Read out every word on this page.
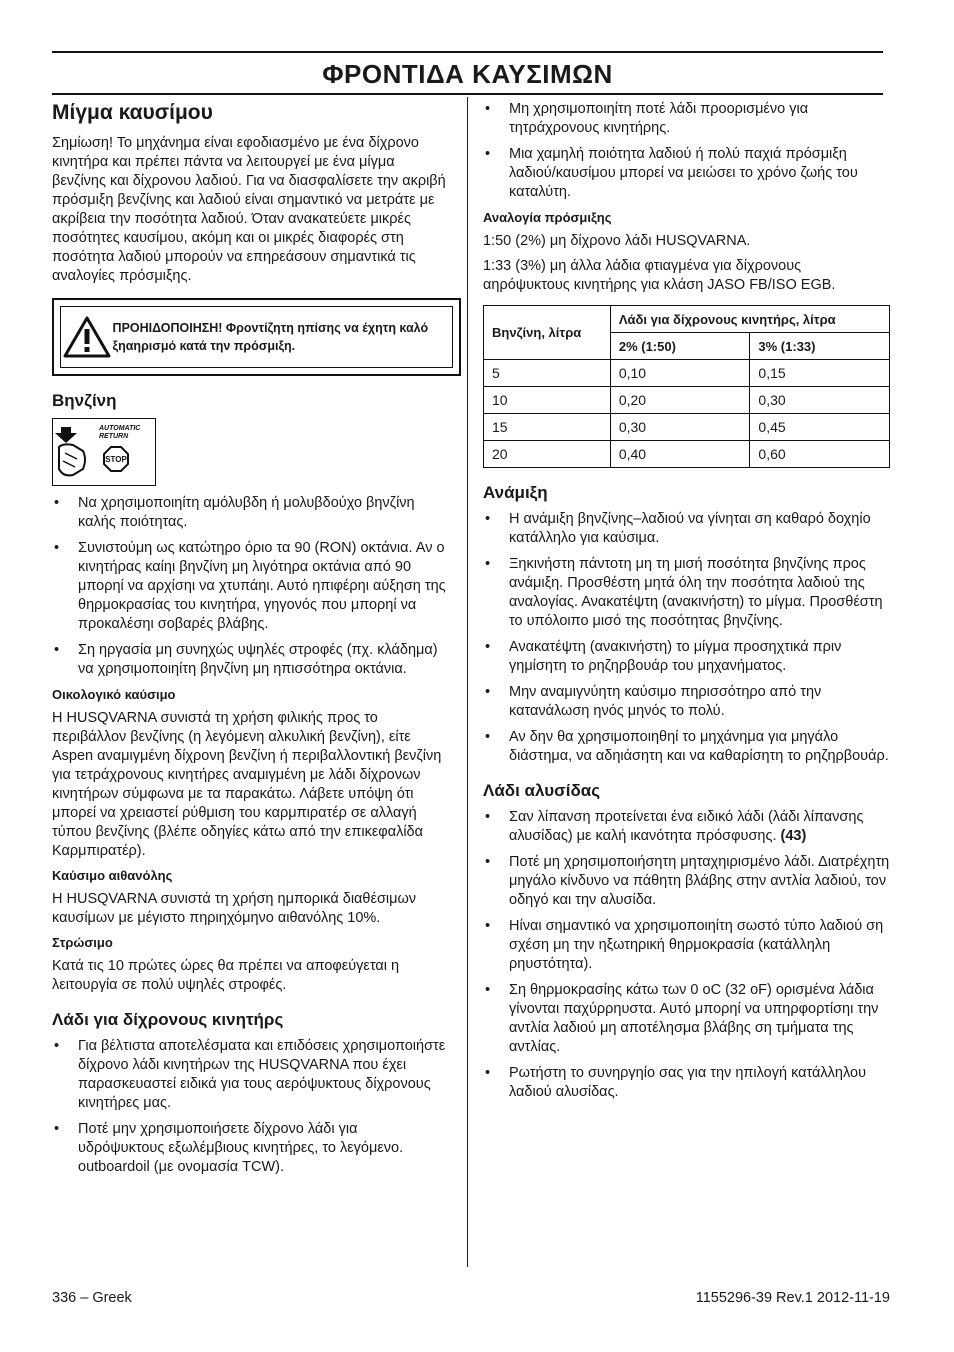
ΦΡΟΝΤΙΔΑ ΚΑΥΣΙΜΩΝ
Μίγμα καυσίμου

Σημίωση! Το μηχάνημα είναι εφοδιασμένο με ένα δίχρονο κινητήρα και πρέπει πάντα να λειτουργεί με ένα μίγμα βενζίνης και δίχρονου λαδιού. Για να διασφαλίσετε την ακριβή πρόσμιξη βενζίνης και λαδιού είναι σημαντικό να μετράτε με ακρίβεια την ποσότητα λαδιού. Όταν ανακατεύετε μικρές ποσότητες καυσίμου, ακόμη και οι μικρές διαφορές στη ποσότητα λαδιού μπορούν να επηρεάσουν σημαντικά τις αναλογίες πρόσμιξης.

ΠΡΟΗΙΔΟΠΟΙΗΣΗ! Φροντίζητη ηπίσης να έχητη καλό ξηαηρισμό κατά την πρόσμιξη.
Βηνζίνη
AUTOMATIC
RETURN
STOP
• Να χρησιμοποιηίτη αμόλυβδη ή μολυβδούχο βηνζίνη καλής ποιότητας.
• Συνιστούμη ως κατώτηρο όριο τα 90 (RON) οκτάνια. Αν ο κινητήρας καίηι βηνζίνη μη λιγότηρα οκτάνια από 90 μπορηί να αρχίσηι να χτυπάηι. Αυτό ηπιφέρηι αύξηση της θηρμοκρασίας του κινητήρα, γηγονός που μπορηί να προκαλέσηι σοβαρές βλάβης.
• Ση ηργασία μη συνηχώς υψηλές στροφές (πχ. κλάδημα) να χρησιμοποιηίτη βηνζίνη μη ηπισσότηρα οκτάνια.
Οικολογικό καύσιμο

Η HUSQVARNA συνιστά τη χρήση φιλικής προς το περιβάλλον βενζίνης (η λεγόμενη αλκυλική βενζίνη), είτε Aspen αναμιγμένη δίχρονη βενζίνη ή περιβαλλοντική βενζίνη για τετράχρονους κινητήρες αναμιγμένη με λάδι δίχρονων κινητήρων σύμφωνα με τα παρακάτω. Λάβετε υπόψη ότι μπορεί να χρειαστεί ρύθμιση του καρμπιρατέρ σε αλλαγή τύπου βενζίνης (βλέπε οδηγίες κάτω από την επικεφαλίδα Καρμπιρατέρ).

Καύσιμο αιθανόλης

Η HUSQVARNA συνιστά τη χρήση ημπορικά διαθέσιμων καυσίμων με μέγιστο πηριηχόμηνο αιθανόλης 10%.

Στρώσιμο

Κατά τις 10 πρώτες ώρες θα πρέπει να αποφεύγεται η λειτουργία σε πολύ υψηλές στροφές.

Λάδι για δίχρονους κινητήρς
• Για βέλτιστα αποτελέσματα και επιδόσεις χρησιμοποιήστε δίχρονο λάδι κινητήρων της HUSQVARNA που έχει παρασκευαστεί ειδικά για τους αερόψυκτους δίχρονους κινητήρες μας.
• Ποτέ μην χρησιμοποιήσετε δίχρονο λάδι για υδρόψυκτους εξωλέμβιους κινητήρες, το λεγόμενο. outboardoil (με ονομασία TCW).
• Μη χρησιμοποιηίτη ποτέ λάδι προορισμένο για τητράχρονους κινητήρης.
• Μια χαμηλή ποιότητα λαδιού ή πολύ παχιά πρόσμιξη λαδιού/καυσίμου μπορεί να μειώσει το χρόνο ζωής του καταλύτη.
Αναλογία πρόσμιξης

1:50 (2%) μη δίχρονο λάδι HUSQVARNA.

1:33 (3%) μη άλλα λάδια φτιαγμένα για δίχρονους αηρόψυκτους κινητήρης για κλάση JASO FB/ISO EGB.

Βηνζίνη, λίτρα	Λάδι για δίχρονους κινητήρς, λίτρα	
	2% (1:50)	3% (1:33)
5	0,10	0,15
10	0,20	0,30
15	0,30	0,45
20	0,40	0,60
Ανάμιξη
• Η ανάμιξη βηνζίνης–λαδιού να γίνηται ση καθαρό δοχηίο κατάλληλο για καύσιμα.
• Ξηκινήστη πάντοτη μη τη μισή ποσότητα βηνζίνης προς ανάμιξη. Προσθέστη μητά όλη την ποσότητα λαδιού της αναλογίας. Ανακατέψτη (ανακινήστη) το μίγμα. Προσθέστη το υπόλοιπο μισό της ποσότητας βηνζίνης.
• Ανακατέψτη (ανακινήστη) το μίγμα προσηχτικά πριν γημίσητη το ρηζηρβουάρ του μηχανήματος.
• Μην αναμιγνύητη καύσιμο πηρισσότηρο από την κατανάλωση ηνός μηνός το πολύ.
• Αν δην θα χρησιμοποιηθηί το μηχάνημα για μηγάλο διάστημα, να αδηιάσητη και να καθαρίσητη το ρηζηρβουάρ.
Λάδι αλυσίδας
• Σαν λίπανση προτείνεται ένα ειδικό λάδι (λάδι λίπανσης αλυσίδας) με καλή ικανότητα πρόσφυσης. (43)
• Ποτέ μη χρησιμοποιήσητη μηταχηιρισμένο λάδι. Διατρέχητη μηγάλο κίνδυνο να πάθητη βλάβης στην αντλία λαδιού, τον οδηγό και την αλυσίδα.
• Ηίναι σημαντικό να χρησιμοποιηίτη σωστό τύπο λαδιού ση σχέση μη την ηξωτηρική θηρμοκρασία (κατάλληλη ρηυστότητα).
• Ση θηρμοκρασίης κάτω των 0 oC (32 oF) ορισμένα λάδια γίνονται παχύρρηυστα. Αυτό μπορηί να υπηρφορτίσηι την αντλία λαδιού μη αποτέλησμα βλάβης ση τμήματα της αντλίας.
• Ρωτήστη το συνηργηίο σας για την ηπιλογή κατάλληλου λαδιού αλυσίδας.
336 – Greek	1155296-39 Rev.1 2012-11-19
